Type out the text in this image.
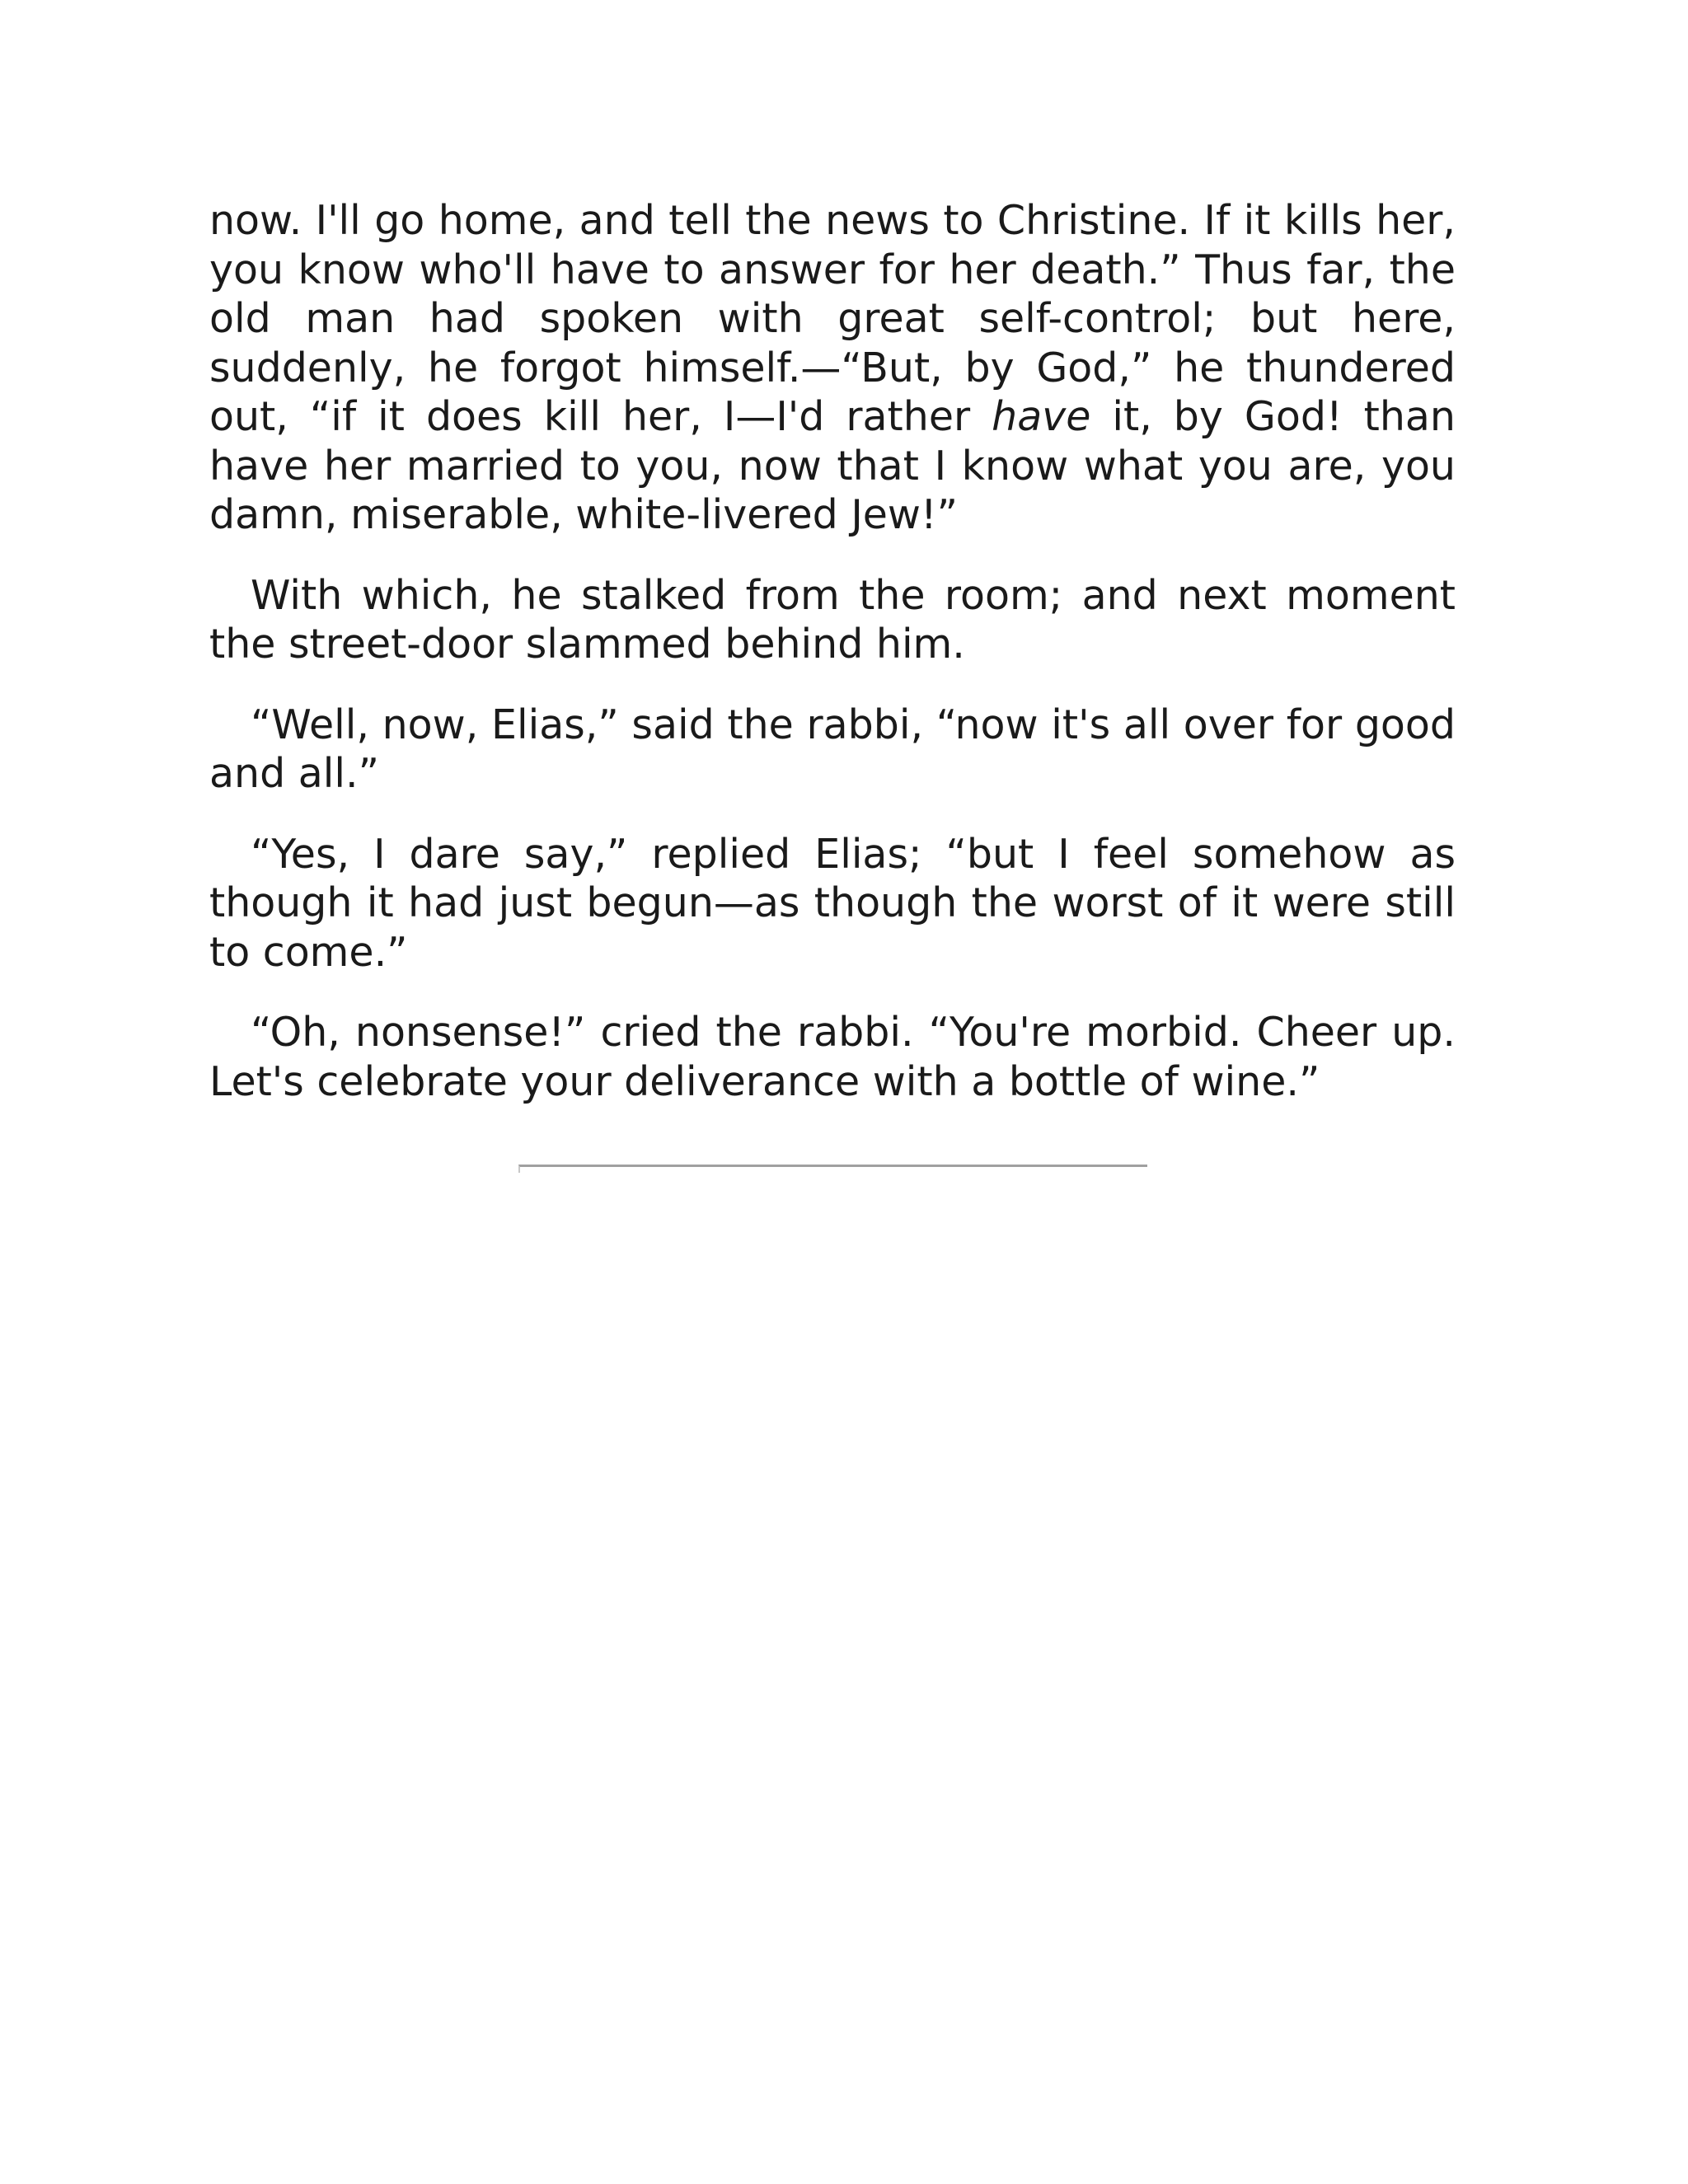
now. I'll go home, and tell the news to Christine. If it kills her, you know who'll have to answer for her death.” Thus far, the old man had spoken with great self-control; but here, suddenly, he forgot himself.—“But, by God,” he thundered out, “if it does kill her, I—I'd rather have it, by God! than have her married to you, now that I know what you are, you damn, miserable, white-livered Jew!”

With which, he stalked from the room; and next moment the street-door slammed behind him.

“Well, now, Elias,” said the rabbi, “now it's all over for good and all.”

“Yes, I dare say,” replied Elias; “but I feel somehow as though it had just begun—as though the worst of it were still to come.”

“Oh, nonsense!” cried the rabbi. “You're morbid. Cheer up. Let's celebrate your deliverance with a bottle of wine.”
